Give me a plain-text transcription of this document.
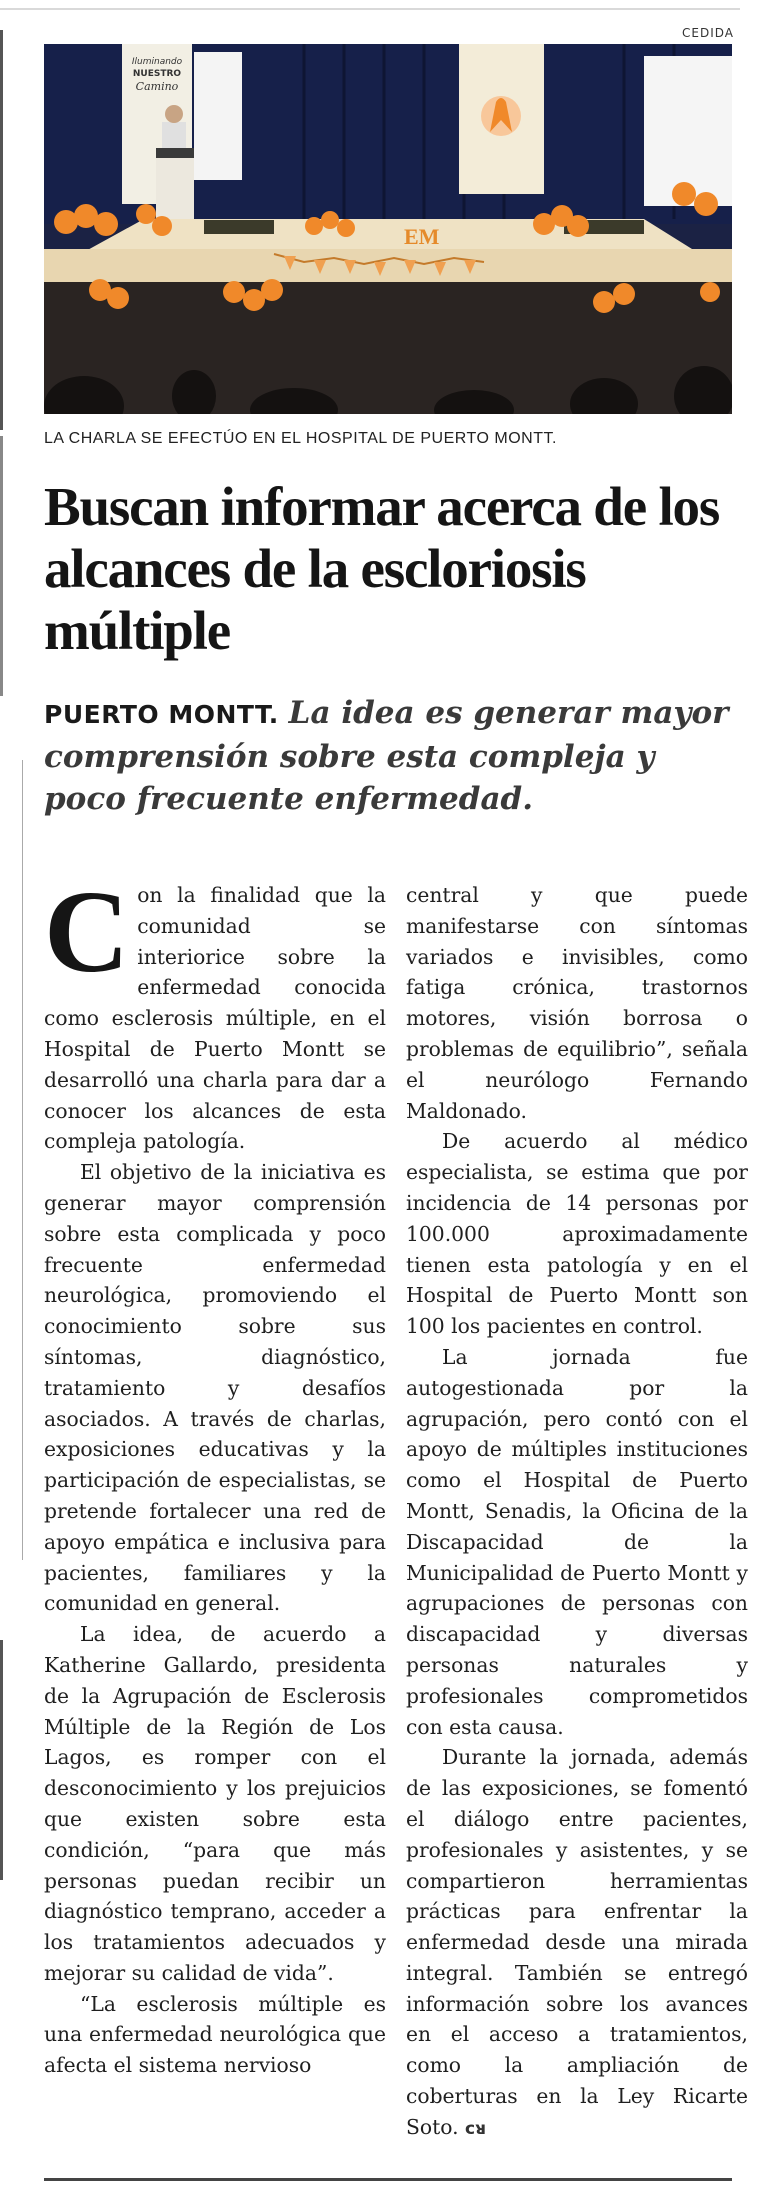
CEDIDA
Iluminando
NUESTRO
Camino
EM
LA CHARLA SE EFECTÚO EN EL HOSPITAL DE PUERTO MONTT.
Buscan informar acerca de los alcances de la escloriosis múltiple
PUERTO MONTT. La idea es generar mayor comprensión sobre esta compleja y poco frecuente enfermedad.

Con la finalidad que la comunidad se interiorice sobre la enfermedad conocida como esclerosis múltiple, en el Hospital de Puerto Montt se desarrolló una charla para dar a conocer los alcances de esta compleja patología.

El objetivo de la iniciativa es generar mayor comprensión sobre esta complicada y poco frecuente enfermedad neurológica, promoviendo el conocimiento sobre sus síntomas, diagnóstico, tratamiento y desafíos asociados. A través de charlas, exposiciones educativas y la participación de especialistas, se pretende fortalecer una red de apoyo empática e inclusiva para pacientes, familiares y la comunidad en general.

La idea, de acuerdo a Katherine Gallardo, presidenta de la Agrupación de Esclerosis Múltiple de la Región de Los Lagos, es romper con el desconocimiento y los prejuicios que existen sobre esta condición, “para que más personas puedan recibir un diagnóstico temprano, acceder a los tratamientos adecuados y mejorar su calidad de vida”.

“La esclerosis múltiple es una enfermedad neurológica que afecta el sistema nervioso

central y que puede manifestarse con síntomas variados e invisibles, como fatiga crónica, trastornos motores, visión borrosa o problemas de equilibrio”, señala el neurólogo Fernando Maldonado.

De acuerdo al médico especialista, se estima que por incidencia de 14 personas por 100.000 aproximadamente tienen esta patología y en el Hospital de Puerto Montt son 100 los pacientes en control.

La jornada fue autogestionada por la agrupación, pero contó con el apoyo de múltiples instituciones como el Hospital de Puerto Montt, Senadis, la Oficina de la Discapacidad de la Municipalidad de Puerto Montt y agrupaciones de personas con discapacidad y diversas personas naturales y profesionales comprometidos con esta causa.

Durante la jornada, además de las exposiciones, se fomentó el diálogo entre pacientes, profesionales y asistentes, y se compartieron herramientas prácticas para enfrentar la enfermedad desde una mirada integral. También se entregó información sobre los avances en el acceso a tratamientos, como la ampliación de coberturas en la Ley Ricarte Soto. ᴄᴚ
